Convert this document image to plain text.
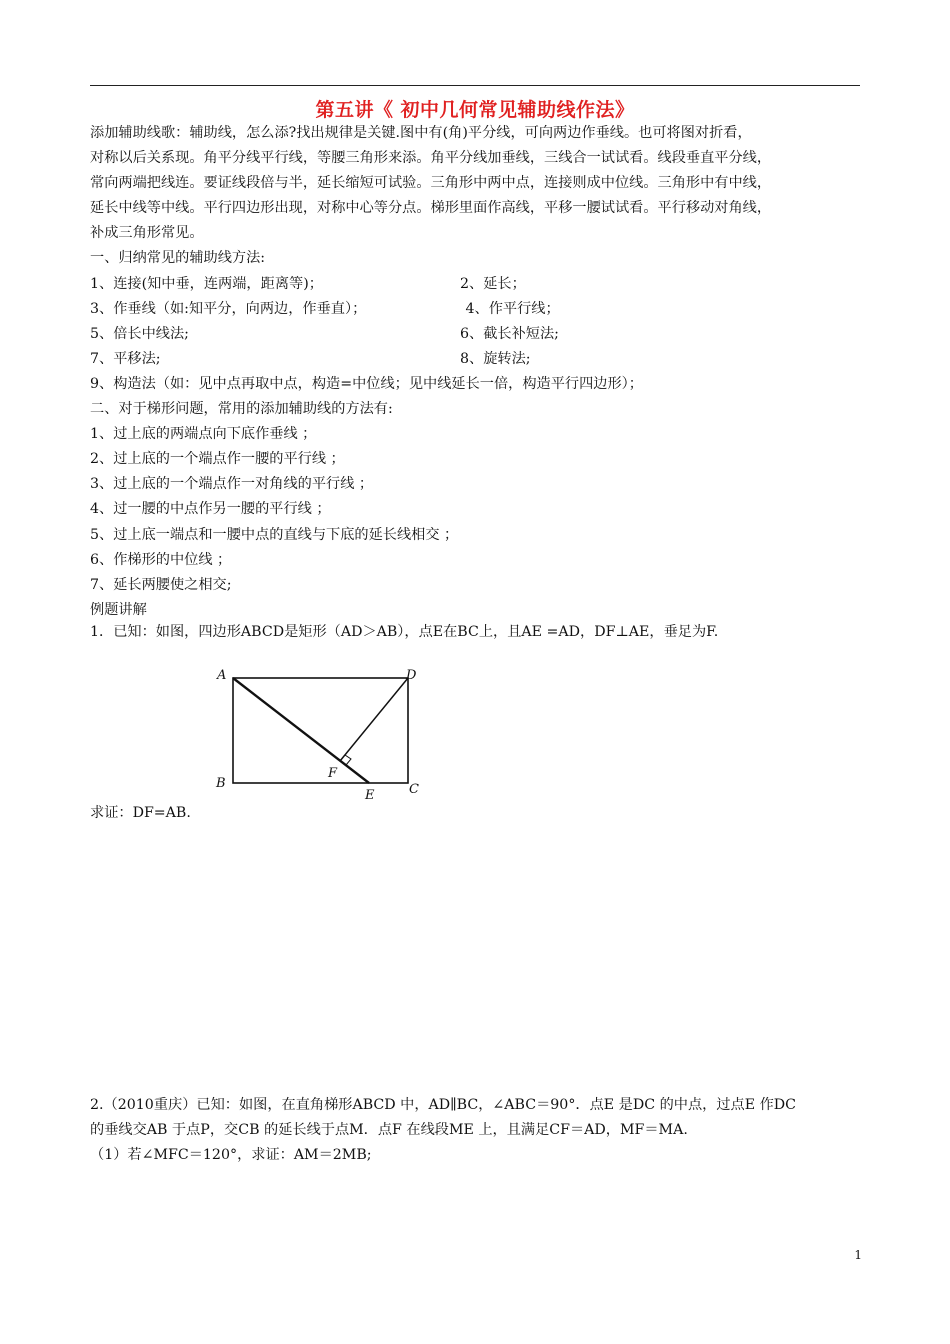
第五讲《 初中几何常见辅助线作法》
添加辅助线歌：辅助线，怎么添?找出规律是关键.图中有(角)平分线，可向两边作垂线。也可将图对折看，
对称以后关系现。角平分线平行线，等腰三角形来添。角平分线加垂线，三线合一试试看。线段垂直平分线，
常向两端把线连。要证线段倍与半，延长缩短可试验。三角形中两中点，连接则成中位线。三角形中有中线，
延长中线等中线。平行四边形出现，对称中心等分点。梯形里面作高线，平移一腰试试看。平行移动对角线，
补成三角形常见。
一、归纳常见的辅助线方法:
1、连接(知中垂，连两端，距离等)；	2、延长；
3、作垂线（如:知平分，向两边，作垂直）；	4、作平行线；
5、倍长中线法;	6、截长补短法;
7、平移法;	8、旋转法;
9、构造法（如：见中点再取中点，构造=中位线；见中线延长一倍，构造平行四边形）；
二、对于梯形问题，常用的添加辅助线的方法有:
1、过上底的两端点向下底作垂线 ；
2、过上底的一个端点作一腰的平行线 ；
3、过上底的一个端点作一对角线的平行线 ；
4、过一腰的中点作另一腰的平行线 ；
5、过上底一端点和一腰中点的直线与下底的延长线相交 ；
6、作梯形的中位线 ；
7、延长两腰使之相交;
例题讲解
1．已知：如图，四边形ABCD是矩形（AD＞AB），点E在BC上，且AE =AD，DF⊥AE，垂足为F.
A	D
B	C
E
F
求证：DF=AB.
2.（2010重庆）已知：如图，在直角梯形ABCD 中，AD∥BC，∠ABC＝90°．点E 是DC 的中点，过点E 作DC
的垂线交AB 于点P，交CB 的延长线于点M．点F 在线段ME 上，且满足CF＝AD，MF＝MA.
（1）若∠MFC＝120°，求证：AM＝2MB;
1
